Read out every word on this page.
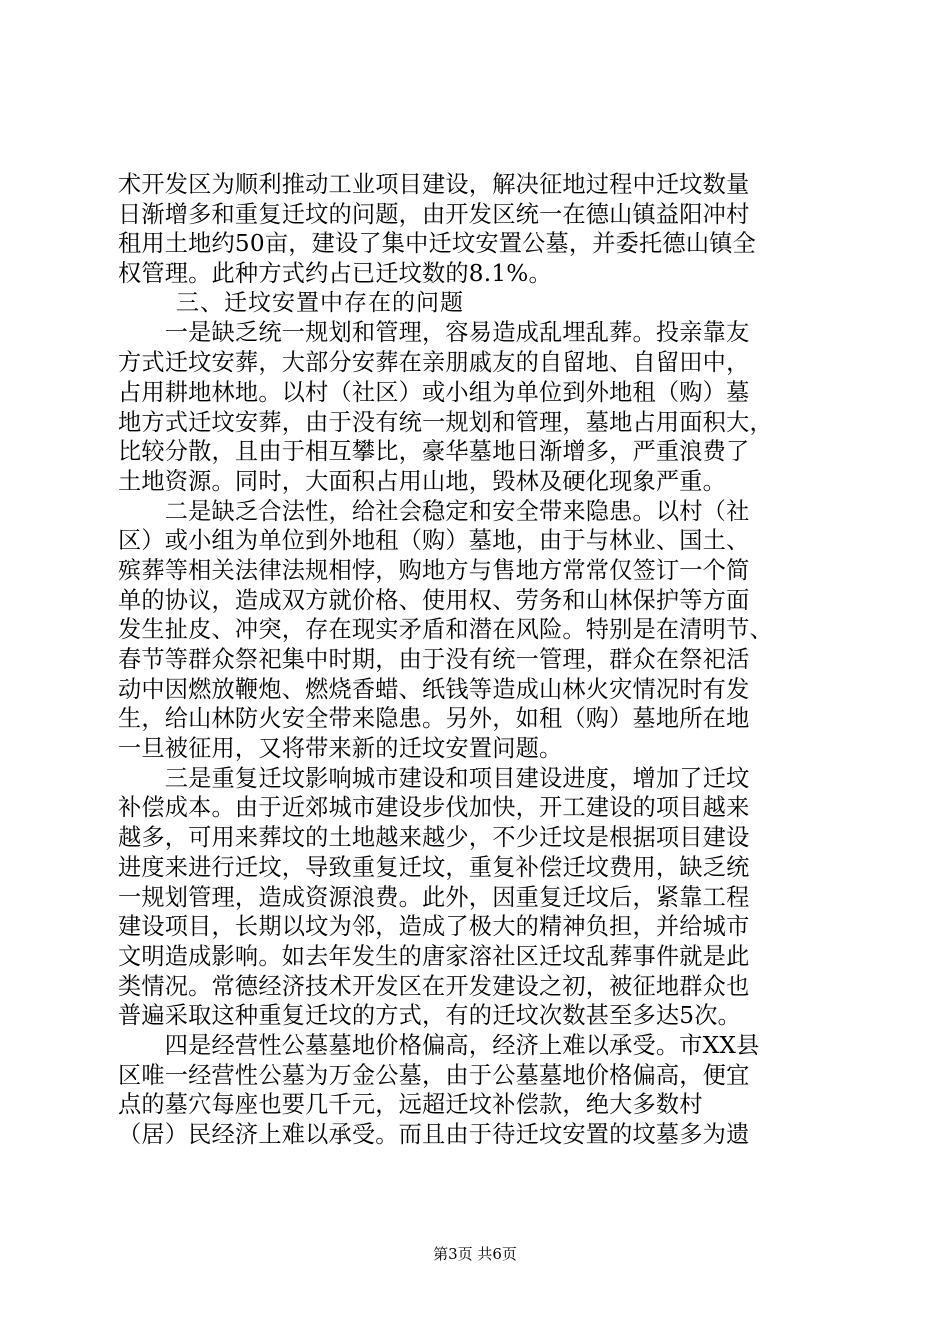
术开发区为顺利推动工业项目建设，解决征地过程中迁坟数量
日渐增多和重复迁坟的问题，由开发区统一在德山镇益阳冲村
租用土地约50亩，建设了集中迁坟安置公墓，并委托德山镇全
权管理。此种方式约占已迁坟数的8.1%。
三、迁坟安置中存在的问题
　　一是缺乏统一规划和管理，容易造成乱埋乱葬。投亲靠友
方式迁坟安葬，大部分安葬在亲朋戚友的自留地、自留田中，
占用耕地林地。以村（社区）或小组为单位到外地租（购）墓
地方式迁坟安葬，由于没有统一规划和管理，墓地占用面积大，
比较分散，且由于相互攀比，豪华墓地日渐增多，严重浪费了
土地资源。同时，大面积占用山地，毁林及硬化现象严重。
　　二是缺乏合法性，给社会稳定和安全带来隐患。以村（社
区）或小组为单位到外地租（购）墓地，由于与林业、国土、
殡葬等相关法律法规相悖，购地方与售地方常常仅签订一个简
单的协议，造成双方就价格、使用权、劳务和山林保护等方面
发生扯皮、冲突，存在现实矛盾和潜在风险。特别是在清明节、
春节等群众祭祀集中时期，由于没有统一管理，群众在祭祀活
动中因燃放鞭炮、燃烧香蜡、纸钱等造成山林火灾情况时有发
生，给山林防火安全带来隐患。另外，如租（购）墓地所在地
一旦被征用，又将带来新的迁坟安置问题。
　　三是重复迁坟影响城市建设和项目建设进度，增加了迁坟
补偿成本。由于近郊城市建设步伐加快，开工建设的项目越来
越多，可用来葬坟的土地越来越少，不少迁坟是根据项目建设
进度来进行迁坟，导致重复迁坟，重复补偿迁坟费用，缺乏统
一规划管理，造成资源浪费。此外，因重复迁坟后，紧靠工程
建设项目，长期以坟为邻，造成了极大的精神负担，并给城市
文明造成影响。如去年发生的唐家溶社区迁坟乱葬事件就是此
类情况。常德经济技术开发区在开发建设之初，被征地群众也
普遍采取这种重复迁坟的方式，有的迁坟次数甚至多达5次。
　　四是经营性公墓墓地价格偏高，经济上难以承受。市XX县
区唯一经营性公墓为万金公墓，由于公墓墓地价格偏高，便宜
点的墓穴每座也要几千元，远超迁坟补偿款，绝大多数村
（居）民经济上难以承受。而且由于待迁坟安置的坟墓多为遗
第3页 共6页
